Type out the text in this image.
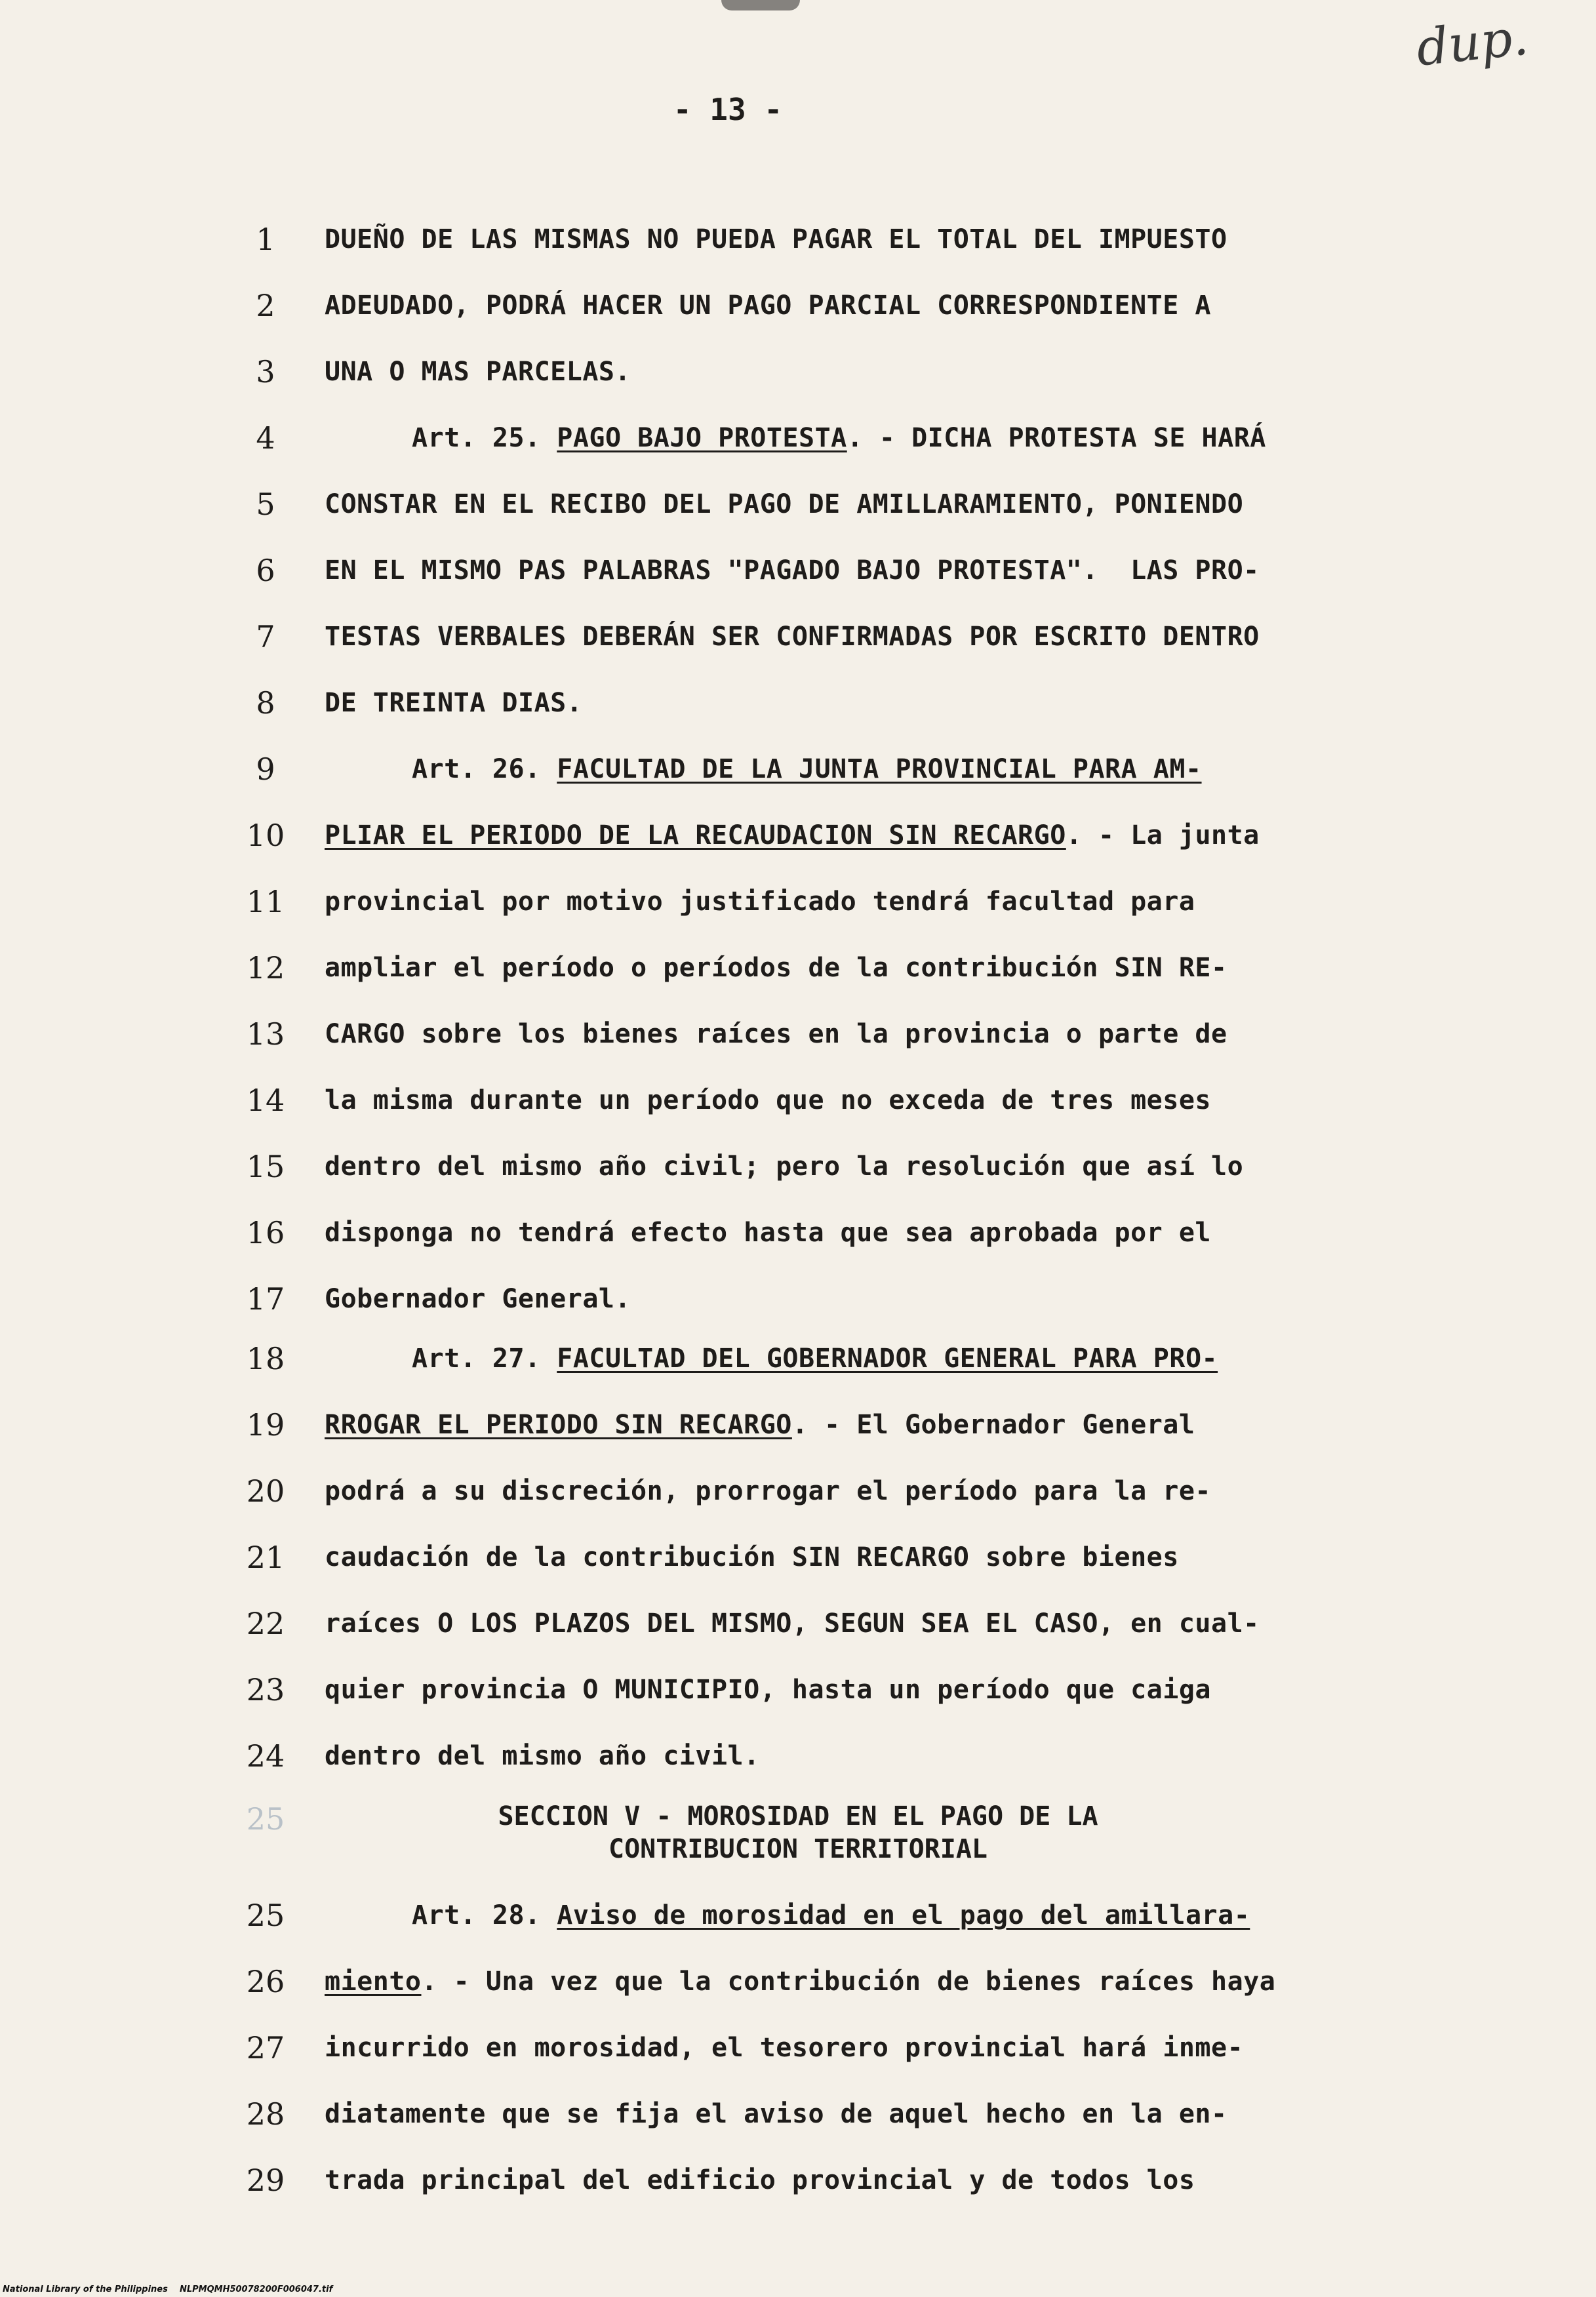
dup.
- 13 -
1	DUEÑO DE LAS MISMAS NO PUEDA PAGAR EL TOTAL DEL IMPUESTO
2	ADEUDADO, PODRÁ HACER UN PAGO PARCIAL CORRESPONDIENTE A
3	UNA O MAS PARCELAS.
4	Art. 25. PAGO BAJO PROTESTA. - DICHA PROTESTA SE HARÁ
5	CONSTAR EN EL RECIBO DEL PAGO DE AMILLARAMIENTO, PONIENDO
6	EN EL MISMO PAS PALABRAS "PAGADO BAJO PROTESTA".  LAS PRO-
7	TESTAS VERBALES DEBERÁN SER CONFIRMADAS POR ESCRITO DENTRO
8	DE TREINTA DIAS.
9	Art. 26. FACULTAD DE LA JUNTA PROVINCIAL PARA AM-
10	PLIAR EL PERIODO DE LA RECAUDACION SIN RECARGO. - La junta
11	provincial por motivo justificado tendrá facultad para
12	ampliar el período o períodos de la contribución SIN RE-
13	CARGO sobre los bienes raíces en la provincia o parte de
14	la misma durante un período que no exceda de tres meses
15	dentro del mismo año civil; pero la resolución que así lo
16	disponga no tendrá efecto hasta que sea aprobada por el
17	Gobernador General.
18	Art. 27. FACULTAD DEL GOBERNADOR GENERAL PARA PRO-
19	RROGAR EL PERIODO SIN RECARGO. - El Gobernador General
20	podrá a su discreción, prorrogar el período para la re-
21	caudación de la contribución SIN RECARGO sobre bienes
22	raíces O LOS PLAZOS DEL MISMO, SEGUN SEA EL CASO, en cual-
23	quier provincia O MUNICIPIO, hasta un período que caiga
24	dentro del mismo año civil.
25	SECCION V - MOROSIDAD EN EL PAGO DE LA
CONTRIBUCION TERRITORIAL
25	Art. 28. Aviso de morosidad en el pago del amillara-
26	miento. - Una vez que la contribución de bienes raíces haya
27	incurrido en morosidad, el tesorero provincial hará inme-
28	diatamente que se fija el aviso de aquel hecho en la en-
29	trada principal del edificio provincial y de todos los
National Library of the Philippines    NLPMQMH50078200F006047.tif
